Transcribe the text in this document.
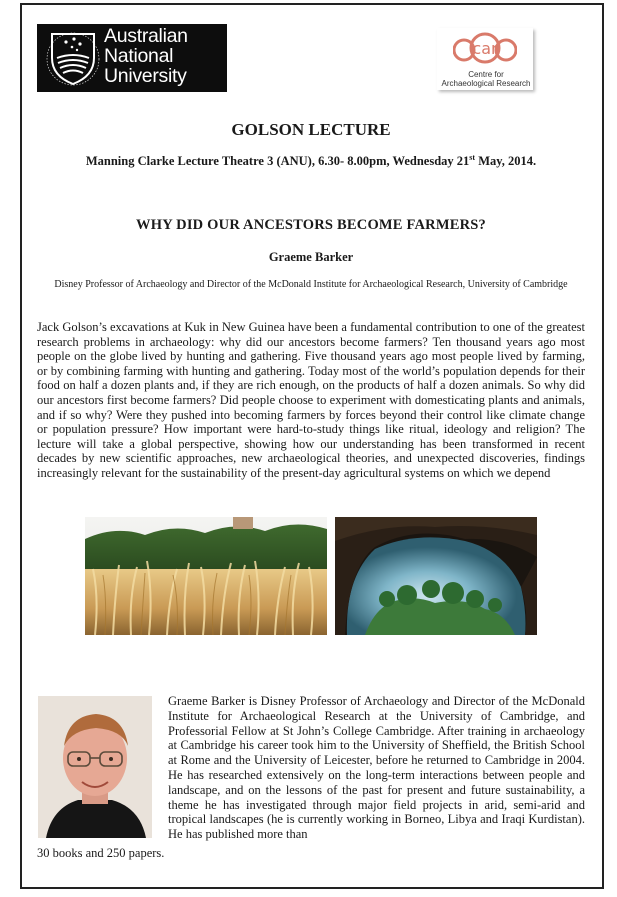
Australian
National
University
car
Centre for
Archaeological Research
GOLSON LECTURE
Manning Clarke Lecture Theatre 3 (ANU), 6.30- 8.00pm, Wednesday 21st May, 2014.
WHY DID OUR ANCESTORS BECOME FARMERS?
Graeme Barker
Disney Professor of Archaeology and Director of the McDonald Institute for Archaeological Research, University of Cambridge
Jack Golson’s excavations at Kuk in New Guinea have been a fundamental contribution to one of the greatest research problems in archaeology: why did our ancestors become farmers? Ten thousand years ago most people on the globe lived by hunting and gathering. Five thousand years ago most people lived by farming, or by combining farming with hunting and gathering. Today most of the world’s population depends for their food on half a dozen plants and, if they are rich enough, on the products of half a dozen animals. So why did our ancestors first become farmers? Did people choose to experiment with domesticating plants and animals, and if so why? Were they pushed into becoming farmers by forces beyond their control like climate change or population pressure? How important were hard-to-study things like ritual, ideology and religion? The lecture will take a global perspective, showing how our understanding has been transformed in recent decades by new scientific approaches, new archaeological theories, and unexpected discoveries, findings increasingly relevant for the sustainability of the present-day agricultural systems on which we depend
Graeme Barker is Disney Professor of Archaeology and Director of the McDonald Institute for Archaeological Research at the University of Cambridge, and Professorial Fellow at St John’s College Cambridge. After training in archaeology at Cambridge his career took him to the University of Sheffield, the British School at Rome and the University of Leicester, before he returned to Cambridge in 2004. He has researched extensively on the long-term interactions between people and landscape, and on the lessons of the past for present and future sustainability, a theme he has investigated through major field projects in arid, semi-arid and tropical landscapes (he is currently working in Borneo, Libya and Iraqi Kurdistan). He has published more than
30 books and 250 papers.
